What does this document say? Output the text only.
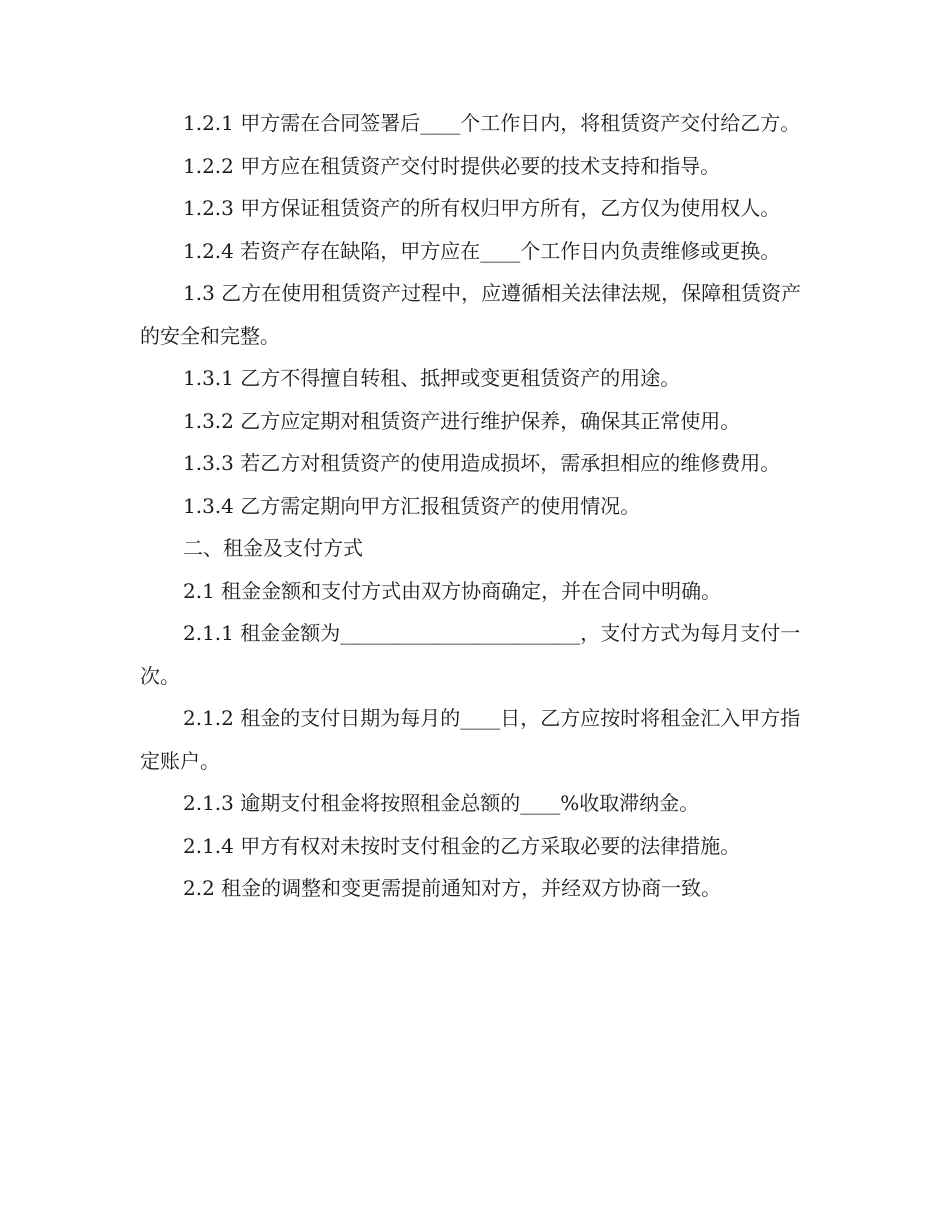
1.2.1 甲方需在合同签署后____个工作日内，将租赁资产交付给乙方。

1.2.2 甲方应在租赁资产交付时提供必要的技术支持和指导。

1.2.3 甲方保证租赁资产的所有权归甲方所有，乙方仅为使用权人。

1.2.4 若资产存在缺陷，甲方应在____个工作日内负责维修或更换。

1.3 乙方在使用租赁资产过程中，应遵循相关法律法规，保障租赁资产的安全和完整。

1.3.1 乙方不得擅自转租、抵押或变更租赁资产的用途。

1.3.2 乙方应定期对租赁资产进行维护保养，确保其正常使用。

1.3.3 若乙方对租赁资产的使用造成损坏，需承担相应的维修费用。

1.3.4 乙方需定期向甲方汇报租赁资产的使用情况。

二、租金及支付方式

2.1 租金金额和支付方式由双方协商确定，并在合同中明确。

2.1.1 租金金额为________________________，支付方式为每月支付一次。

2.1.2 租金的支付日期为每月的____日，乙方应按时将租金汇入甲方指定账户。

2.1.3 逾期支付租金将按照租金总额的____%收取滞纳金。

2.1.4 甲方有权对未按时支付租金的乙方采取必要的法律措施。

2.2 租金的调整和变更需提前通知对方，并经双方协商一致。
